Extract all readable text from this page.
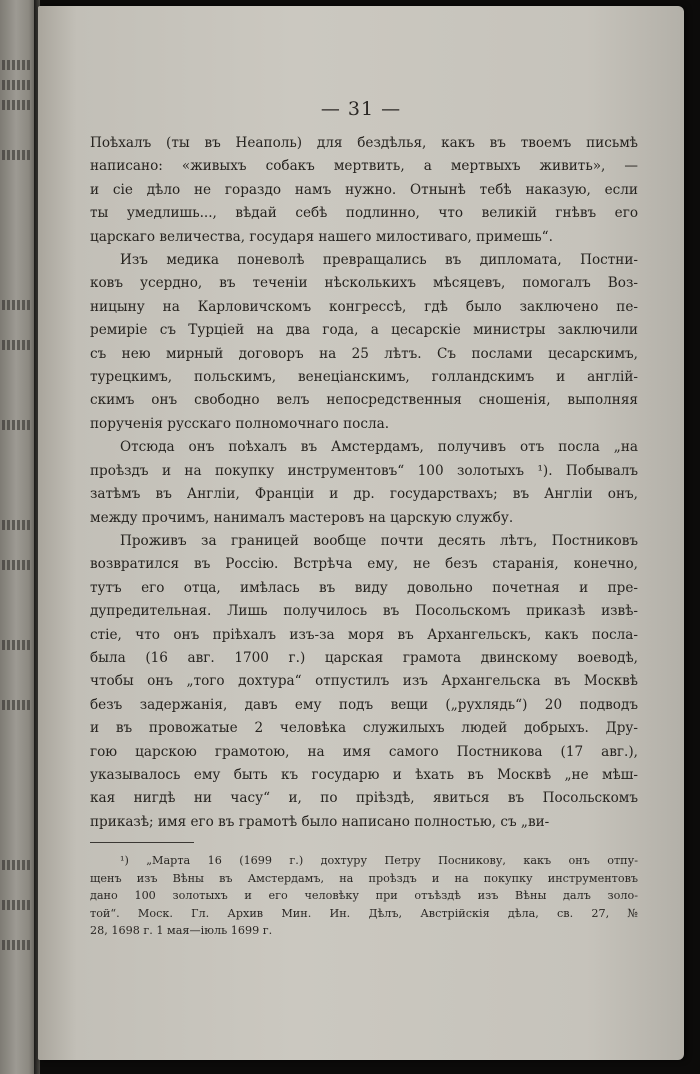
— 31 —
Поѣхалъ (ты въ Неаполь) для бездѣлья, какъ въ твоемъ письмѣ
написано: «живыхъ собакъ мертвить, а мертвыхъ живить», —
и сіе дѣло не гораздо намъ нужно. Отнынѣ тебѣ наказую, если
ты умедлишь..., вѣдай себѣ подлинно, что великій гнѣвъ его
царскаго величества, государя нашего милостиваго, примешь“.
Изъ медика поневолѣ превращались въ дипломата, Постни-
ковъ усердно, въ теченіи нѣсколькихъ мѣсяцевъ, помогалъ Воз-
ницыну на Карловичскомъ конгрессѣ, гдѣ было заключено пе-
ремиріе съ Турціей на два года, а цесарскіе министры заключили
съ нею мирный договоръ на 25 лѣтъ. Съ послами цесарскимъ,
турецкимъ, польскимъ, венеціанскимъ, голландскимъ и англій-
скимъ онъ свободно велъ непосредственныя сношенія, выполняя
порученія русскаго полномочнаго посла.
Отсюда онъ поѣхалъ въ Амстердамъ, получивъ отъ посла „на
проѣздъ и на покупку инструментовъ“ 100 золотыхъ ¹). Побывалъ
затѣмъ въ Англіи, Франціи и др. государствахъ; въ Англіи онъ,
между прочимъ, нанималъ мастеровъ на царскую службу.
Проживъ за границей вообще почти десять лѣтъ, Постниковъ
возвратился въ Россію. Встрѣча ему, не безъ старанія, конечно,
тутъ его отца, имѣлась въ виду довольно почетная и пре-
дупредительная. Лишь получилось въ Посольскомъ приказѣ извѣ-
стіе, что онъ пріѣхалъ изъ-за моря въ Архангельскъ, какъ посла-
была (16 авг. 1700 г.) царская грамота двинскому воеводѣ,
чтобы онъ „того дохтура“ отпустилъ изъ Архангельска въ Москвѣ
безъ задержанія, давъ ему подъ вещи („рухлядь“) 20 подводъ
и въ провожатые 2 человѣка служилыхъ людей добрыхъ. Дру-
гою царскою грамотою, на имя самого Постникова (17 авг.),
указывалось ему быть къ государю и ѣхать въ Москвѣ „не мѣш-
кая нигдѣ ни часу“ и, по пріѣздѣ, явиться въ Посольскомъ
приказѣ; имя его въ грамотѣ было написано полностью, съ „ви-
¹) „Марта 16 (1699 г.) дохтуру Петру Посникову, какъ онъ отпу-
щенъ изъ Вѣны въ Амстердамъ, на проѣздъ и на покупку инструментовъ
дано 100 золотыхъ и его человѣку при отъѣздѣ изъ Вѣны далъ золо-
той“. Моск. Гл. Архив Мин. Ин. Дѣлъ, Австрійскія дѣла, св. 27, №
28, 1698 г. 1 мая—іюль 1699 г.
